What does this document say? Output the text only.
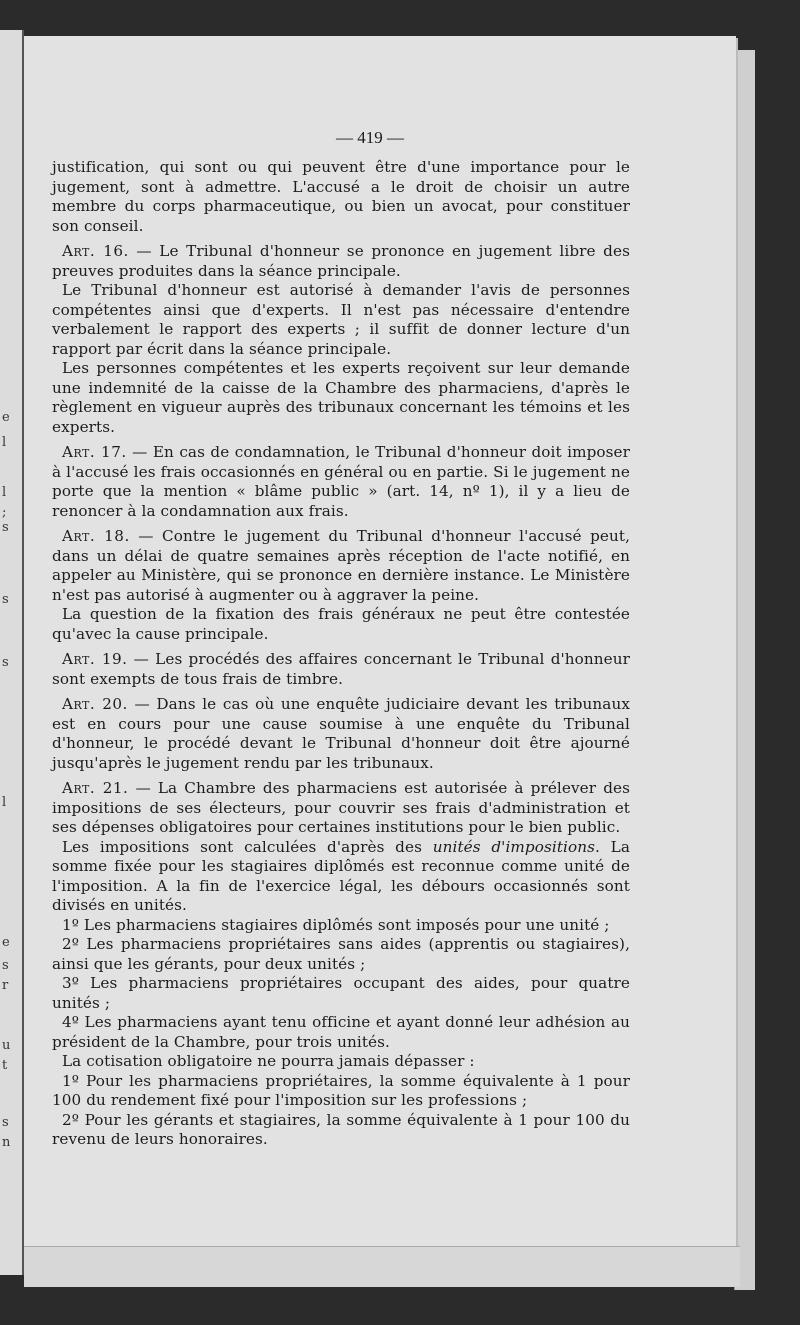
e
l
l
;
s
s
s
l
e
s
r
u
t
s
n
— 419 —

justification, qui sont ou qui peuvent être d'une importance pour le jugement, sont à admettre. L'accusé a le droit de choisir un autre membre du corps pharmaceutique, ou bien un avocat, pour constituer son conseil.

Art. 16. — Le Tribunal d'honneur se prononce en jugement libre des preuves produites dans la séance principale.

Le Tribunal d'honneur est autorisé à demander l'avis de personnes compétentes ainsi que d'experts. Il n'est pas nécessaire d'entendre verbalement le rapport des experts ; il suffit de donner lecture d'un rapport par écrit dans la séance principale.

Les personnes compétentes et les experts reçoivent sur leur demande une indemnité de la caisse de la Chambre des pharmaciens, d'après le règlement en vigueur auprès des tribunaux concernant les témoins et les experts.

Art. 17. — En cas de condamnation, le Tribunal d'honneur doit imposer à l'accusé les frais occasionnés en général ou en partie. Si le jugement ne porte que la mention « blâme public » (art. 14, nº 1), il y a lieu de renoncer à la condamnation aux frais.

Art. 18. — Contre le jugement du Tribunal d'honneur l'accusé peut, dans un délai de quatre semaines après réception de l'acte notifié, en appeler au Ministère, qui se prononce en dernière instance. Le Ministère n'est pas autorisé à augmenter ou à aggraver la peine.

La question de la fixation des frais généraux ne peut être contestée qu'avec la cause principale.

Art. 19. — Les procédés des affaires concernant le Tribunal d'honneur sont exempts de tous frais de timbre.

Art. 20. — Dans le cas où une enquête judiciaire devant les tribunaux est en cours pour une cause soumise à une enquête du Tribunal d'honneur, le procédé devant le Tribunal d'honneur doit être ajourné jusqu'après le jugement rendu par les tribunaux.

Art. 21. — La Chambre des pharmaciens est autorisée à prélever des impositions de ses électeurs, pour couvrir ses frais d'administration et ses dépenses obligatoires pour certaines institutions pour le bien public.

Les impositions sont calculées d'après des unités d'impositions. La somme fixée pour les stagiaires diplômés est reconnue comme unité de l'imposition. A la fin de l'exercice légal, les débours occasionnés sont divisés en unités.

1º Les pharmaciens stagiaires diplômés sont imposés pour une unité ;

2º Les pharmaciens propriétaires sans aides (apprentis ou stagiaires), ainsi que les gérants, pour deux unités ;

3º Les pharmaciens propriétaires occupant des aides, pour quatre unités ;

4º Les pharmaciens ayant tenu officine et ayant donné leur adhésion au président de la Chambre, pour trois unités.

La cotisation obligatoire ne pourra jamais dépasser :

1º Pour les pharmaciens propriétaires, la somme équivalente à 1 pour 100 du rendement fixé pour l'imposition sur les professions ;

2º Pour les gérants et stagiaires, la somme équivalente à 1 pour 100 du revenu de leurs honoraires.
